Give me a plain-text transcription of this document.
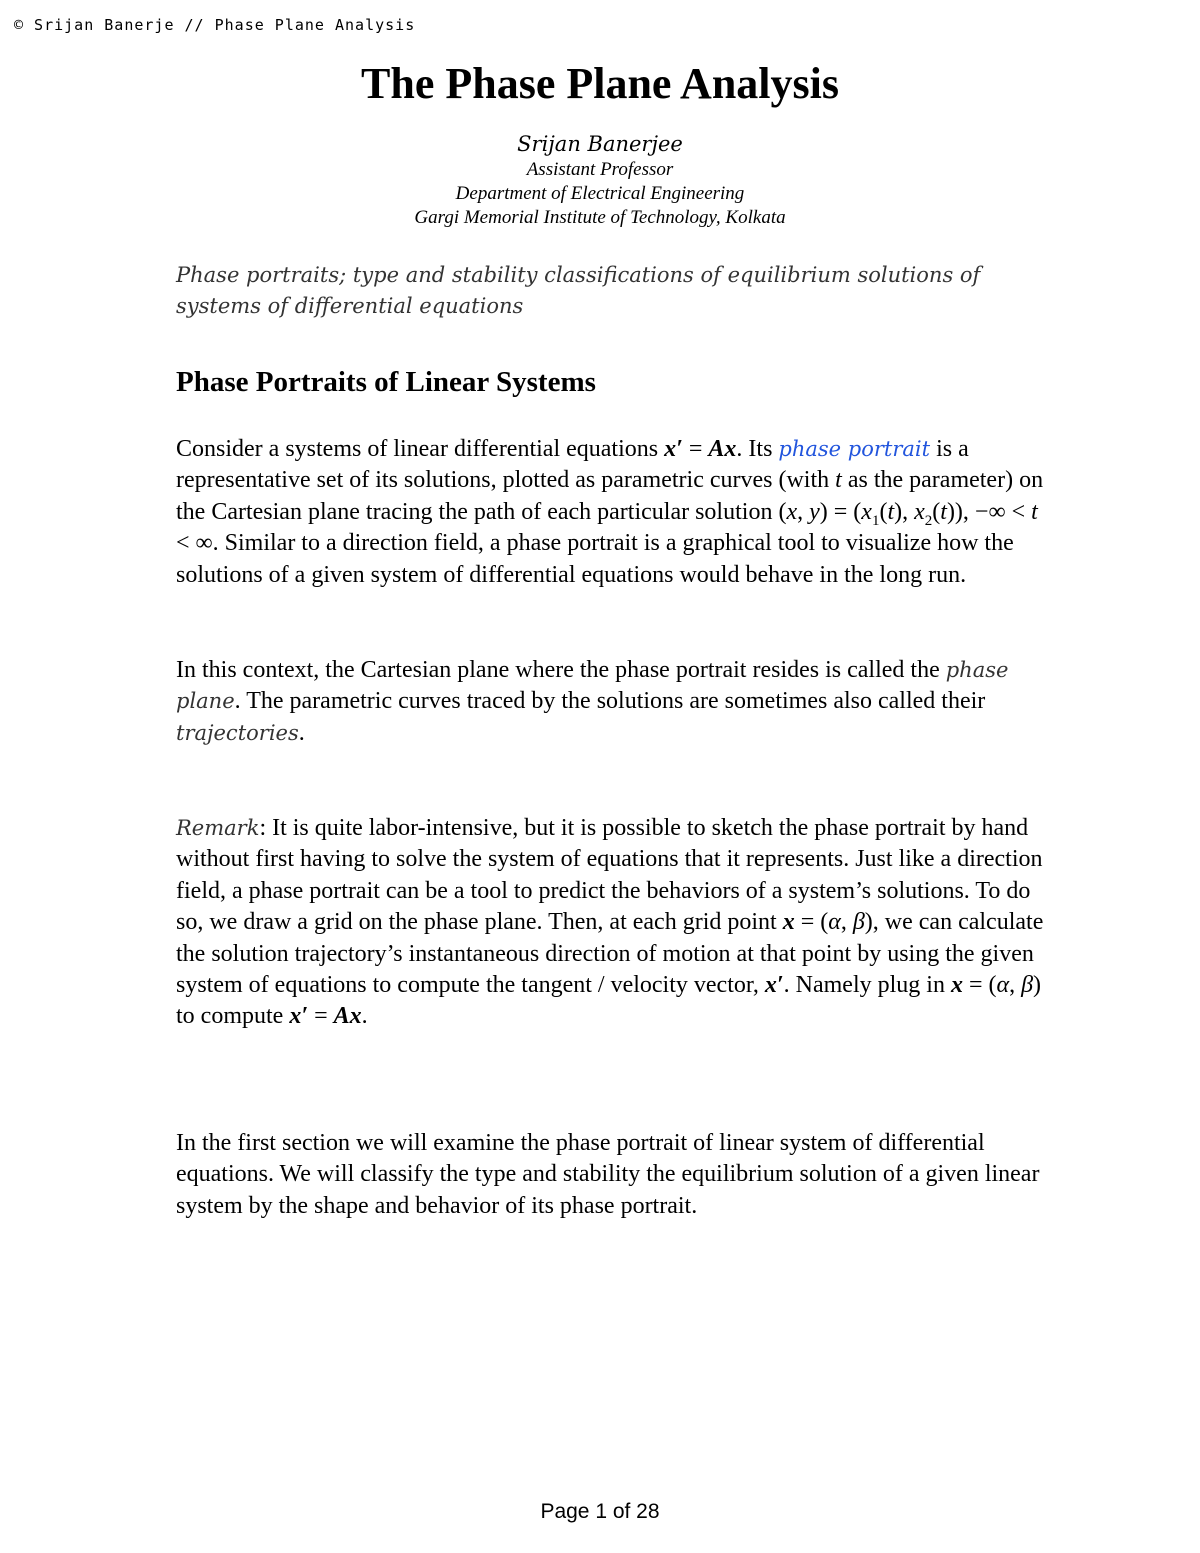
© Srijan Banerje // Phase Plane Analysis
The Phase Plane Analysis
Srijan Banerjee
Assistant Professor
Department of Electrical Engineering
Gargi Memorial Institute of Technology, Kolkata

Phase portraits; type and stability classifications of equilibrium solutions of systems of differential equations

Phase Portraits of Linear Systems

Consider a systems of linear differential equations x′ = Ax. Its phase portrait is a representative set of its solutions, plotted as parametric curves (with t as the parameter) on the Cartesian plane tracing the path of each particular solution (x, $y) = (x_1(t)$, $x_2(t)$), −∞ < t < ∞. Similar to a direction field, a phase portrait is a graphical tool to visualize how the solutions of a given system of differential equations would behave in the long run.

In this context, the Cartesian plane where the phase portrait resides is called the phase plane. The parametric curves traced by the solutions are sometimes also called their trajectories.

Remark: It is quite labor-intensive, but it is possible to sketch the phase portrait by hand without first having to solve the system of equations that it represents. Just like a direction field, a phase portrait can be a tool to predict the behaviors of a system’s solutions. To do so, we draw a grid on the phase plane. Then, at each grid point x = (α, β), we can calculate the solution trajectory’s instantaneous direction of motion at that point by using the given system of equations to compute the tangent / velocity vector, x′. Namely plug in x = (α, β) to compute x′ = Ax.

In the first section we will examine the phase portrait of linear system of differential equations. We will classify the type and stability the equilibrium solution of a given linear system by the shape and behavior of its phase portrait.

Page 1 of 28
